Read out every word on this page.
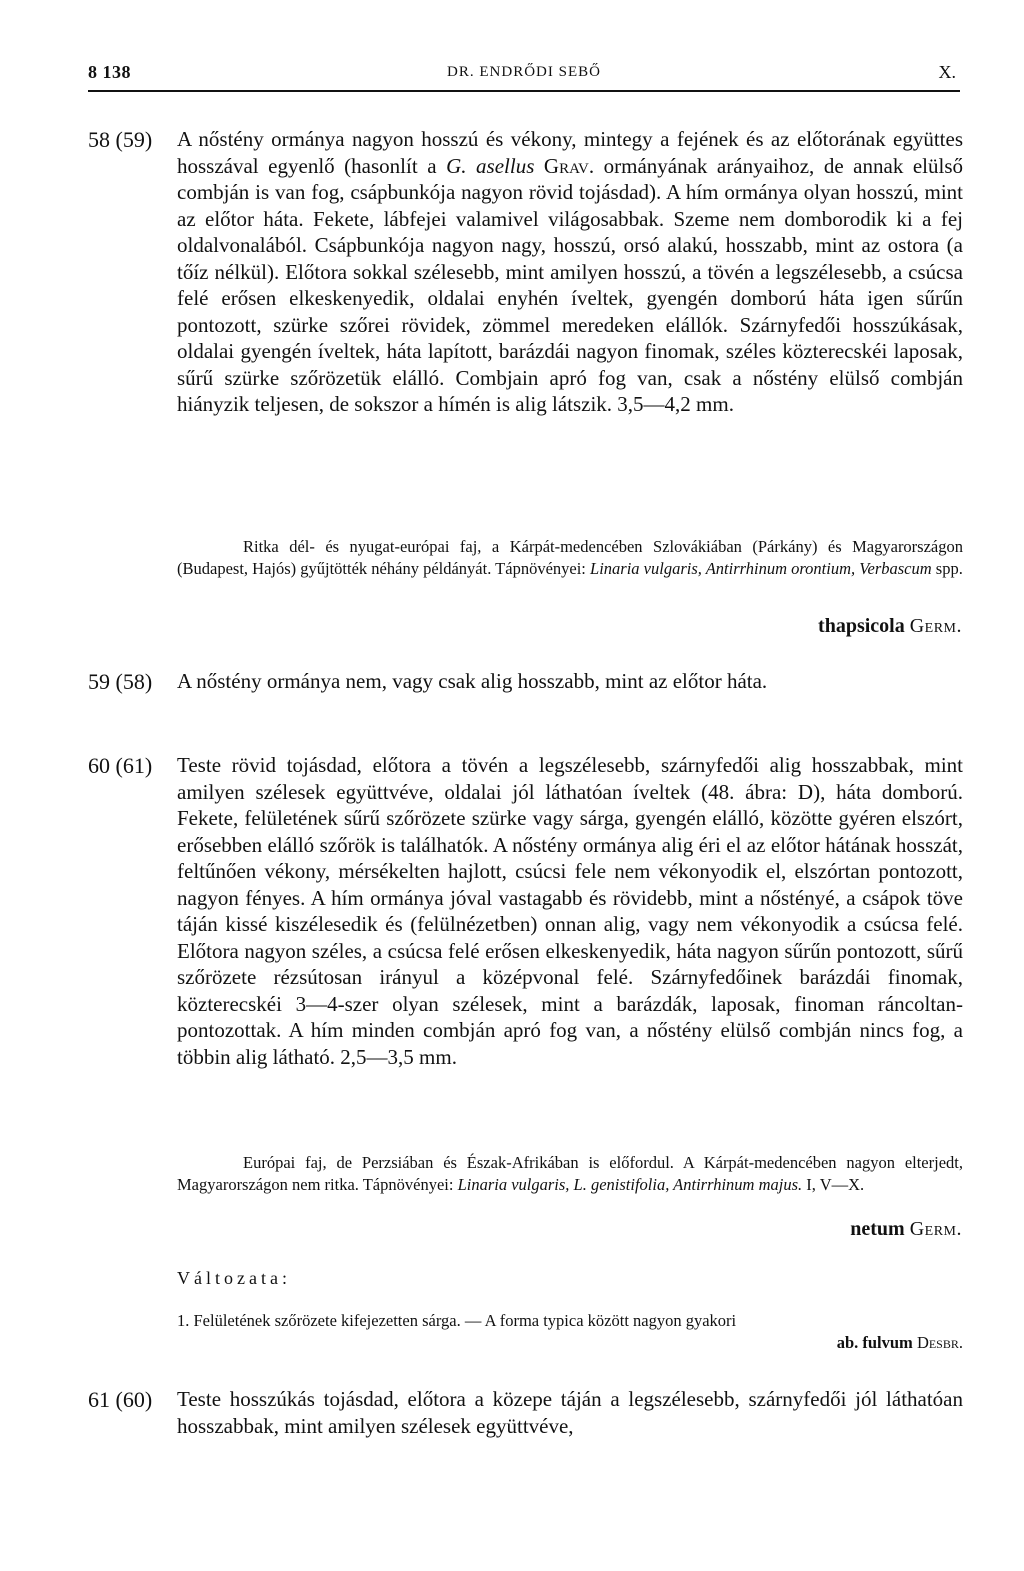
8 138	DR. ENDRŐDI SEBŐ	X.
58 (59) A nőstény ormánya nagyon hosszú és vékony, mintegy a fejének és az előtorának együttes hosszával egyenlő (hasonlít a G. asellus Grav. ormányának arányaihoz, de annak elülső combján is van fog, csápbunkója nagyon rövid tojásdad). A hím ormánya olyan hosszú, mint az előtor háta. Fekete, lábfejei valamivel világosabbak. Szeme nem domborodik ki a fej oldalvonalából. Csápbunkója nagyon nagy, hosszú, orsó alakú, hosszabb, mint az ostora (a tőíz nélkül). Előtora sokkal szélesebb, mint amilyen hosszú, a tövén a legszélesebb, a csúcsa felé erősen elkeskenyedik, oldalai enyhén íveltek, gyengén domború háta igen sűrűn pontozott, szürke szőrei rövidek, zömmel meredeken elállók. Szárnyfedői hosszúkásak, oldalai gyengén íveltek, háta lapított, barázdái nagyon finomak, széles közterecskéi laposak, sűrű szürke szőrözetük elálló. Combjain apró fog van, csak a nőstény elülső combján hiányzik teljesen, de sokszor a hímén is alig látszik. 3,5—4,2 mm.
Ritka dél- és nyugat-európai faj, a Kárpát-medencében Szlovákiában (Párkány) és Magyarországon (Budapest, Hajós) gyűjtötték néhány példányát. Tápnövényei: Linaria vulgaris, Antirrhinum orontium, Verbascum spp.
thapsicola Germ.
59 (58) A nőstény ormánya nem, vagy csak alig hosszabb, mint az előtor háta.
60 (61) Teste rövid tojásdad, előtora a tövén a legszélesebb, szárnyfedői alig hosszabbak, mint amilyen szélesek együttvéve, oldalai jól láthatóan íveltek (48. ábra: D), háta domború. Fekete, felületének sűrű szőrözete szürke vagy sárga, gyengén elálló, közötte gyéren elszórt, erősebben elálló szőrök is találhatók. A nőstény ormánya alig éri el az előtor hátának hosszát, feltűnően vékony, mérsékelten hajlott, csúcsi fele nem vékonyodik el, elszórtan pontozott, nagyon fényes. A hím ormánya jóval vastagabb és rövidebb, mint a nőstényé, a csápok töve táján kissé kiszélesedik és (felülnézetben) onnan alig, vagy nem vékonyodik a csúcsa felé. Előtora nagyon széles, a csúcsa felé erősen elkeskenyedik, háta nagyon sűrűn pontozott, sűrű szőrözete rézsútosan irányul a középvonal felé. Szárnyfedőinek barázdái finomak, közterecskéi 3—4-szer olyan szélesek, mint a barázdák, laposak, finoman ráncoltan-pontozottak. A hím minden combján apró fog van, a nőstény elülső combján nincs fog, a többin alig látható. 2,5—3,5 mm.
Európai faj, de Perzsiában és Észak-Afrikában is előfordul. A Kárpát-medencében nagyon elterjedt, Magyarországon nem ritka. Tápnövényei: Linaria vulgaris, L. genistifolia, Antirrhinum majus. I, V—X.
netum Germ.
Változata:
1. Felületének szőrözete kifejezetten sárga. — A forma typica között nagyon gyakori
ab. fulvum Desbr.
61 (60) Teste hosszúkás tojásdad, előtora a közepe táján a legszélesebb, szárnyfedői jól láthatóan hosszabbak, mint amilyen szélesek együttvéve,
